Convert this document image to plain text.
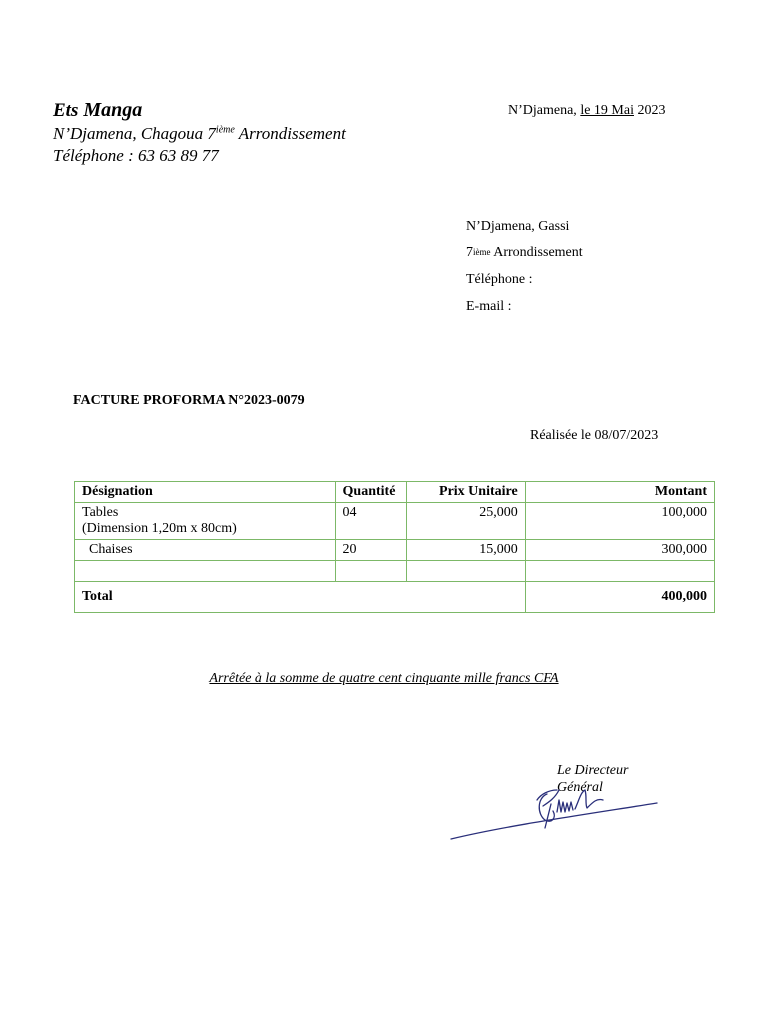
Ets Manga
N’Djamena, Chagoua 7ième Arrondissement
Téléphone : 63 63 89 77
N’Djamena, le 19 Mai 2023
N’Djamena, Gassi
7ième Arrondissement
Téléphone :
E-mail :
FACTURE PROFORMA N°2023-0079
Réalisée le 08/07/2023
Désignation	Quantité	Prix Unitaire	Montant

Tables
(Dimension 1,20m x 80cm)	04	25,000	100,000
Chaises	20	15,000	300,000

Total			400,000
Arrêtée à la somme de quatre cent cinquante mille francs CFA
Le Directeur Général
